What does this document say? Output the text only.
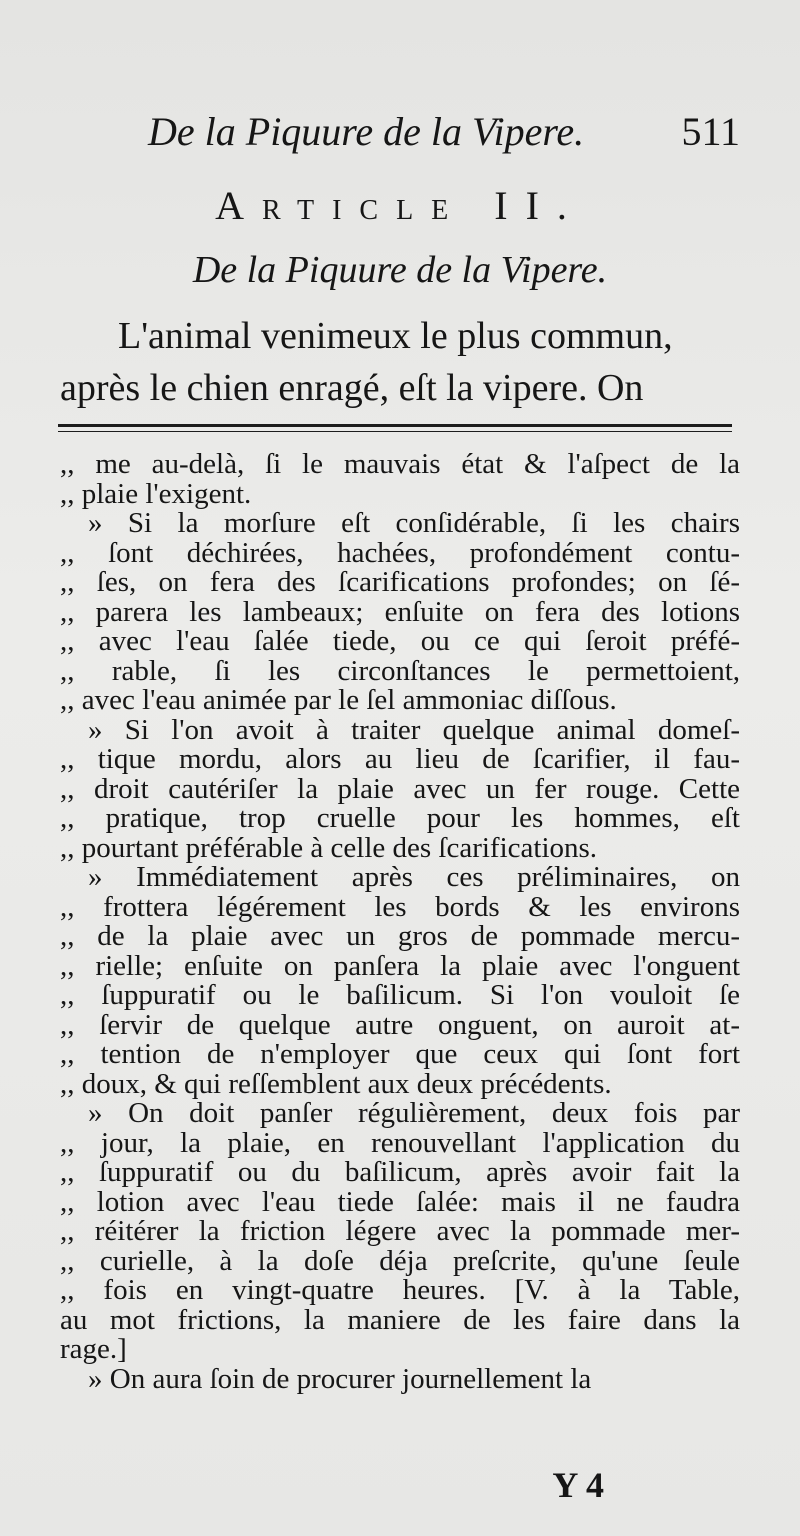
De la Piquure de la Vipere. 511
Article II.
De la Piquure de la Vipere.
L'animal venimeux le plus commun,
après le chien enragé, eſt la vipere. On
,, me au-delà, ſi le mauvais état & l'aſpect de la
,, plaie l'exigent.
» Si la morſure eſt conſidérable, ſi les chairs
,, ſont déchirées, hachées, profondément contu-
,, ſes, on fera des ſcarifications profondes; on ſé-
,, parera les lambeaux; enſuite on fera des lotions
,, avec l'eau ſalée tiede, ou ce qui ſeroit préfé-
,, rable, ſi les circonſtances le permettoient,
,, avec l'eau animée par le ſel ammoniac diſſous.
» Si l'on avoit à traiter quelque animal domeſ-
,, tique mordu, alors au lieu de ſcarifier, il fau-
,, droit cautériſer la plaie avec un fer rouge. Cette
,, pratique, trop cruelle pour les hommes, eſt
,, pourtant préférable à celle des ſcarifications.
» Immédiatement après ces préliminaires, on
,, frottera légérement les bords & les environs
,, de la plaie avec un gros de pommade mercu-
,, rielle; enſuite on panſera la plaie avec l'onguent
,, ſuppuratif ou le baſilicum. Si l'on vouloit ſe
,, ſervir de quelque autre onguent, on auroit at-
,, tention de n'employer que ceux qui ſont fort
,, doux, & qui reſſemblent aux deux précédents.
» On doit panſer régulièrement, deux fois par
,, jour, la plaie, en renouvellant l'application du
,, ſuppuratif ou du baſilicum, après avoir fait la
,, lotion avec l'eau tiede ſalée: mais il ne faudra
,, réitérer la friction légere avec la pommade mer-
,, curielle, à la doſe déja preſcrite, qu'une ſeule
,, fois en vingt-quatre heures. [V. à la Table,
au mot frictions, la maniere de les faire dans la
rage.]
» On aura ſoin de procurer journellement la
Y 4
